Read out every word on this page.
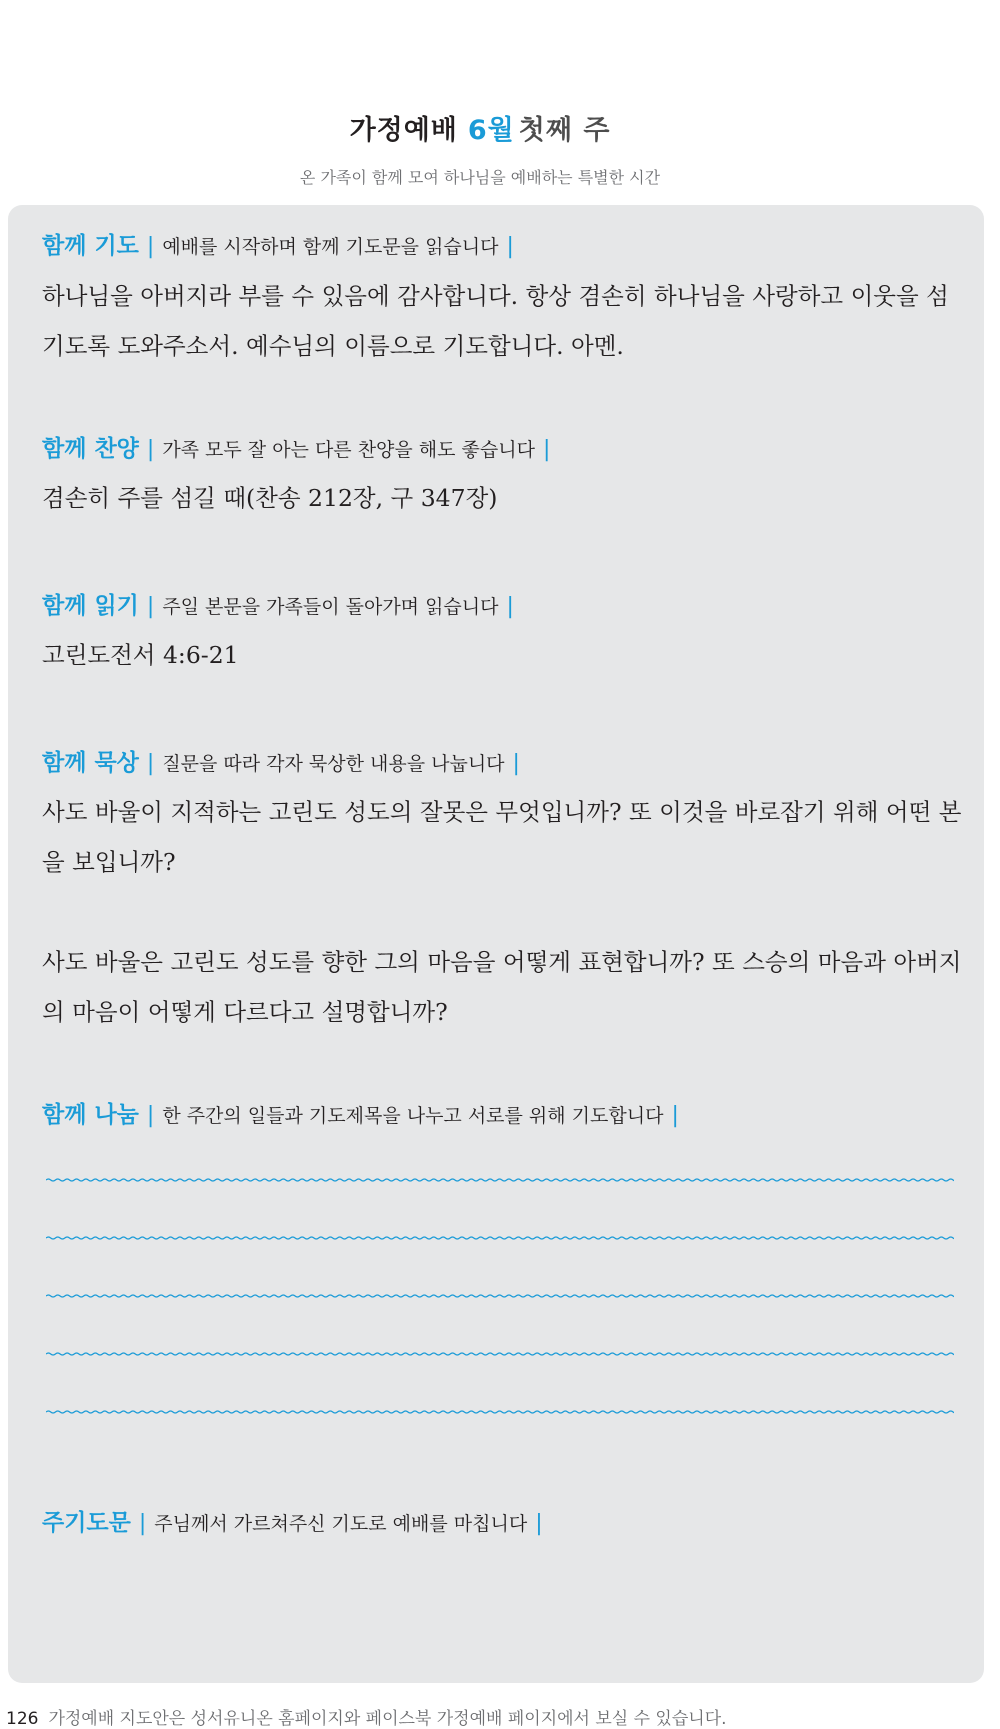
가정예배 6월 첫째 주
온 가족이 함께 모여 하나님을 예배하는 특별한 시간
함께 기도 | 예배를 시작하며 함께 기도문을 읽습니다 |

하나님을 아버지라 부를 수 있음에 감사합니다. 항상 겸손히 하나님을 사랑하고 이웃을 섬기도록 도와주소서. 예수님의 이름으로 기도합니다. 아멘.

함께 찬양 | 가족 모두 잘 아는 다른 찬양을 해도 좋습니다 |

겸손히 주를 섬길 때(찬송 212장, 구 347장)

함께 읽기 | 주일 본문을 가족들이 돌아가며 읽습니다 |

고린도전서 4:6-21

함께 묵상 | 질문을 따라 각자 묵상한 내용을 나눕니다 |

사도 바울이 지적하는 고린도 성도의 잘못은 무엇입니까? 또 이것을 바로잡기 위해 어떤 본을 보입니까?

사도 바울은 고린도 성도를 향한 그의 마음을 어떻게 표현합니까? 또 스승의 마음과 아버지의 마음이 어떻게 다르다고 설명합니까?

함께 나눔 | 한 주간의 일들과 기도제목을 나누고 서로를 위해 기도합니다 |
주기도문 | 주님께서 가르쳐주신 기도로 예배를 마칩니다 |
126 가정예배 지도안은 성서유니온 홈페이지와 페이스북 가정예배 페이지에서 보실 수 있습니다.
